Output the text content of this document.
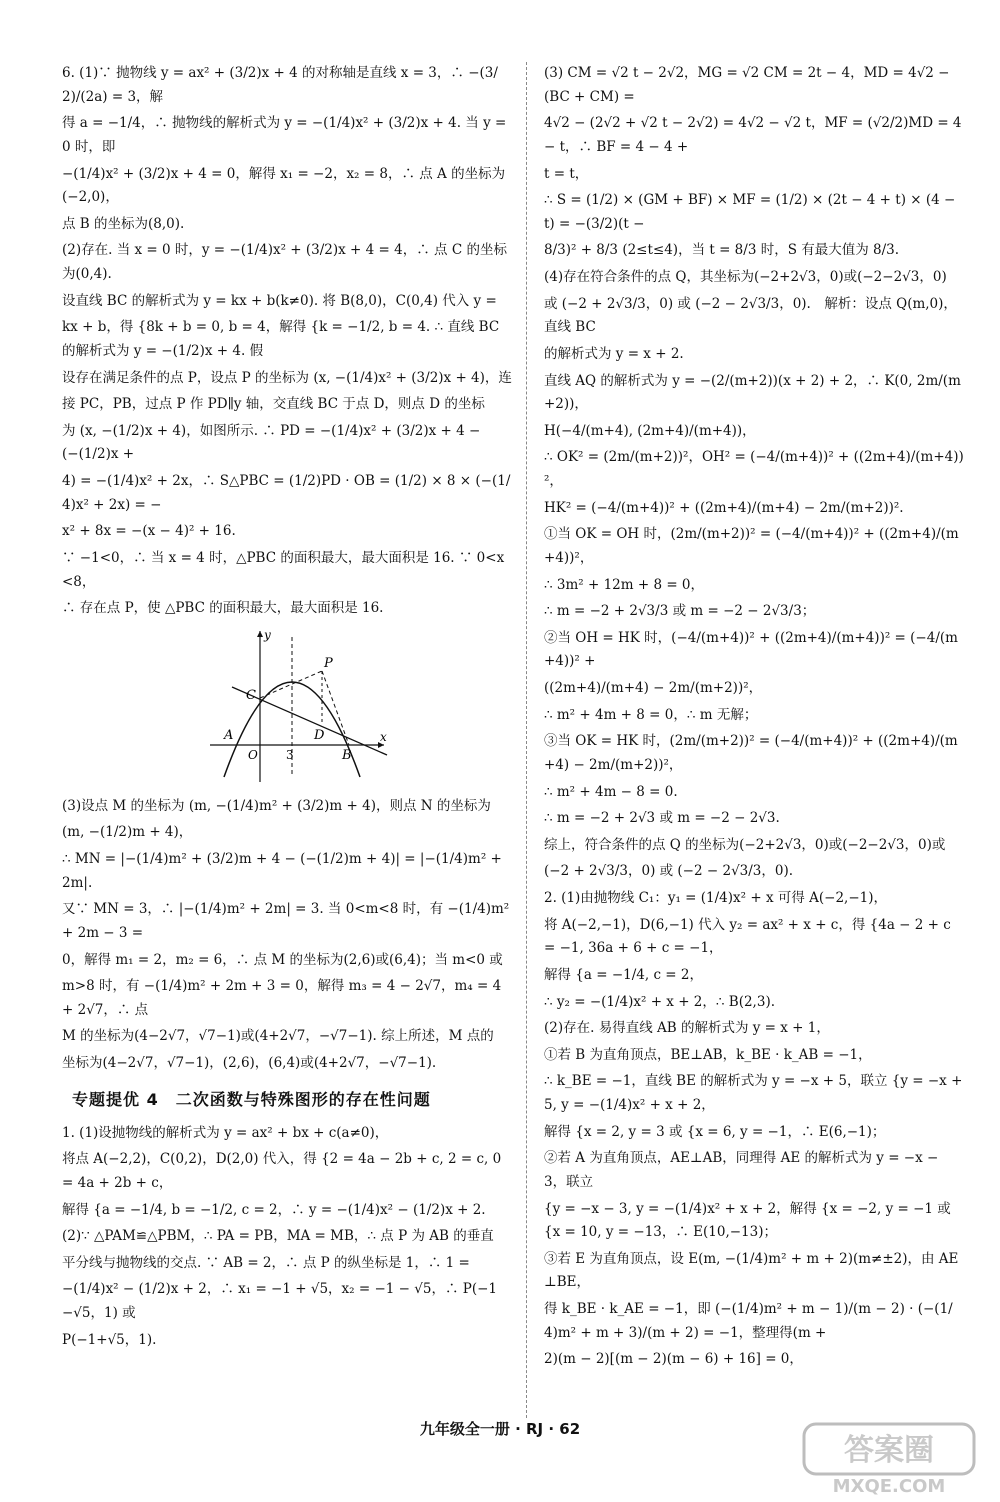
6. (1)∵ 抛物线 y = ax² + (3/2)x + 4 的对称轴是直线 x = 3，∴ −(3/2)/(2a) = 3，解
得 a = −1/4，∴ 抛物线的解析式为 y = −(1/4)x² + (3/2)x + 4. 当 y = 0 时，即
−(1/4)x² + (3/2)x + 4 = 0，解得 x₁ = −2，x₂ = 8，∴ 点 A 的坐标为(−2,0)，
点 B 的坐标为(8,0).
(2)存在. 当 x = 0 时，y = −(1/4)x² + (3/2)x + 4 = 4，∴ 点 C 的坐标为(0,4).
设直线 BC 的解析式为 y = kx + b(k≠0). 将 B(8,0)，C(0,4) 代入 y =
kx + b，得 {8k + b = 0, b = 4，解得 {k = −1/2, b = 4. ∴ 直线 BC 的解析式为 y = −(1/2)x + 4. 假
设存在满足条件的点 P，设点 P 的坐标为 (x, −(1/4)x² + (3/2)x + 4)，连
接 PC，PB，过点 P 作 PD∥y 轴，交直线 BC 于点 D，则点 D 的坐标
为 (x, −(1/2)x + 4)，如图所示. ∴ PD = −(1/4)x² + (3/2)x + 4 − (−(1/2)x +
4) = −(1/4)x² + 2x，∴ S△PBC = (1/2)PD · OB = (1/2) × 8 × (−(1/4)x² + 2x) = −
x² + 8x = −(x − 4)² + 16.
∵ −1<0，∴ 当 x = 4 时，△PBC 的面积最大，最大面积是 16. ∵ 0<x<8，
∴ 存在点 P，使 △PBC 的面积最大，最大面积是 16.
y
x
P
C
A
O 3
D
B
(3)设点 M 的坐标为 (m, −(1/4)m² + (3/2)m + 4)，则点 N 的坐标为
(m, −(1/2)m + 4)，
∴ MN = |−(1/4)m² + (3/2)m + 4 − (−(1/2)m + 4)| = |−(1/4)m² + 2m|.
又∵ MN = 3，∴ |−(1/4)m² + 2m| = 3. 当 0<m<8 时，有 −(1/4)m² + 2m − 3 =
0，解得 m₁ = 2，m₂ = 6，∴ 点 M 的坐标为(2,6)或(6,4)；当 m<0 或
m>8 时，有 −(1/4)m² + 2m + 3 = 0，解得 m₃ = 4 − 2√7，m₄ = 4 + 2√7，∴ 点
M 的坐标为(4−2√7，√7−1)或(4+2√7，−√7−1). 综上所述，M 点的
坐标为(4−2√7，√7−1)，(2,6)，(6,4)或(4+2√7，−√7−1).
专题提优 4　二次函数与特殊图形的存在性问题
1. (1)设抛物线的解析式为 y = ax² + bx + c(a≠0)，
将点 A(−2,2)，C(0,2)，D(2,0) 代入，得 {2 = 4a − 2b + c, 2 = c, 0 = 4a + 2b + c，
解得 {a = −1/4, b = −1/2, c = 2，∴ y = −(1/4)x² − (1/2)x + 2.
(2)∵ △PAM≌△PBM，∴ PA = PB，MA = MB，∴ 点 P 为 AB 的垂直
平分线与抛物线的交点. ∵ AB = 2，∴ 点 P 的纵坐标是 1，∴ 1 =
−(1/4)x² − (1/2)x + 2，∴ x₁ = −1 + √5，x₂ = −1 − √5，∴ P(−1−√5，1) 或
P(−1+√5，1).
(3) CM = √2 t − 2√2，MG = √2 CM = 2t − 4，MD = 4√2 − (BC + CM) =
4√2 − (2√2 + √2 t − 2√2) = 4√2 − √2 t，MF = (√2/2)MD = 4 − t，∴ BF = 4 − 4 +
t = t，
∴ S = (1/2) × (GM + BF) × MF = (1/2) × (2t − 4 + t) × (4 − t) = −(3/2)(t −
8/3)² + 8/3 (2≤t≤4)，当 t = 8/3 时，S 有最大值为 8/3.
(4)存在符合条件的点 Q，其坐标为(−2+2√3，0)或(−2−2√3，0)
或 (−2 + 2√3/3，0) 或 (−2 − 2√3/3，0).　解析：设点 Q(m,0)，直线 BC
的解析式为 y = x + 2.
直线 AQ 的解析式为 y = −(2/(m+2))(x + 2) + 2，∴ K(0, 2m/(m+2))，
H(−4/(m+4), (2m+4)/(m+4))，
∴ OK² = (2m/(m+2))²，OH² = (−4/(m+4))² + ((2m+4)/(m+4))²，
HK² = (−4/(m+4))² + ((2m+4)/(m+4) − 2m/(m+2))².
①当 OK = OH 时，(2m/(m+2))² = (−4/(m+4))² + ((2m+4)/(m+4))²，
∴ 3m² + 12m + 8 = 0，
∴ m = −2 + 2√3/3 或 m = −2 − 2√3/3；
②当 OH = HK 时，(−4/(m+4))² + ((2m+4)/(m+4))² = (−4/(m+4))² +
((2m+4)/(m+4) − 2m/(m+2))²，
∴ m² + 4m + 8 = 0，∴ m 无解；
③当 OK = HK 时，(2m/(m+2))² = (−4/(m+4))² + ((2m+4)/(m+4) − 2m/(m+2))²，
∴ m² + 4m − 8 = 0.
∴ m = −2 + 2√3 或 m = −2 − 2√3.
综上，符合条件的点 Q 的坐标为(−2+2√3，0)或(−2−2√3，0)或
(−2 + 2√3/3，0) 或 (−2 − 2√3/3，0).
2. (1)由抛物线 C₁：y₁ = (1/4)x² + x 可得 A(−2,−1)，
将 A(−2,−1)，D(6,−1) 代入 y₂ = ax² + x + c，得 {4a − 2 + c = −1, 36a + 6 + c = −1，
解得 {a = −1/4, c = 2，
∴ y₂ = −(1/4)x² + x + 2，∴ B(2,3).
(2)存在. 易得直线 AB 的解析式为 y = x + 1，
①若 B 为直角顶点，BE⊥AB，k_BE · k_AB = −1，
∴ k_BE = −1，直线 BE 的解析式为 y = −x + 5，联立 {y = −x + 5, y = −(1/4)x² + x + 2，
解得 {x = 2, y = 3 或 {x = 6, y = −1，∴ E(6,−1)；
②若 A 为直角顶点，AE⊥AB，同理得 AE 的解析式为 y = −x − 3，联立
{y = −x − 3, y = −(1/4)x² + x + 2，解得 {x = −2, y = −1 或 {x = 10, y = −13，∴ E(10,−13)；
③若 E 为直角顶点，设 E(m, −(1/4)m² + m + 2)(m≠±2)，由 AE⊥BE，
得 k_BE · k_AE = −1，即 (−(1/4)m² + m − 1)/(m − 2) · (−(1/4)m² + m + 3)/(m + 2) = −1，整理得(m +
2)(m − 2)[(m − 2)(m − 6) + 16] = 0，
九年级全一册 · RJ · 62
答案圈
MXQE.COM
